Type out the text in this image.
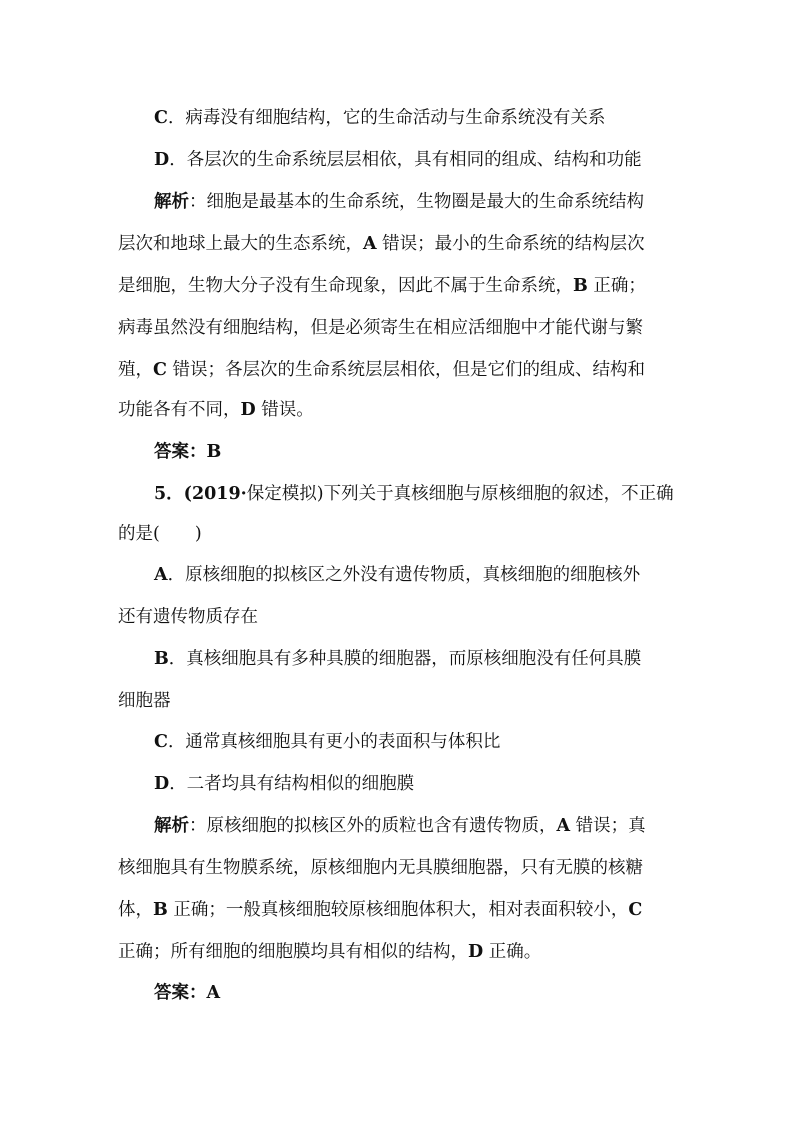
C．病毒没有细胞结构，它的生命活动与生命系统没有关系
D．各层次的生命系统层层相依，具有相同的组成、结构和功能
解析：细胞是最基本的生命系统，生物圈是最大的生命系统结构
层次和地球上最大的生态系统，A 错误；最小的生命系统的结构层次
是细胞，生物大分子没有生命现象，因此不属于生命系统，B 正确；
病毒虽然没有细胞结构，但是必须寄生在相应活细胞中才能代谢与繁
殖，C 错误；各层次的生命系统层层相依，但是它们的组成、结构和
功能各有不同，D 错误。
答案：B
5．(2019·保定模拟)下列关于真核细胞与原核细胞的叙述，不正确
的是(　　)
A．原核细胞的拟核区之外没有遗传物质，真核细胞的细胞核外
还有遗传物质存在
B．真核细胞具有多种具膜的细胞器，而原核细胞没有任何具膜
细胞器
C．通常真核细胞具有更小的表面积与体积比
D．二者均具有结构相似的细胞膜
解析：原核细胞的拟核区外的质粒也含有遗传物质，A 错误；真
核细胞具有生物膜系统，原核细胞内无具膜细胞器，只有无膜的核糖
体，B 正确；一般真核细胞较原核细胞体积大，相对表面积较小，C
正确；所有细胞的细胞膜均具有相似的结构，D 正确。
答案：A
